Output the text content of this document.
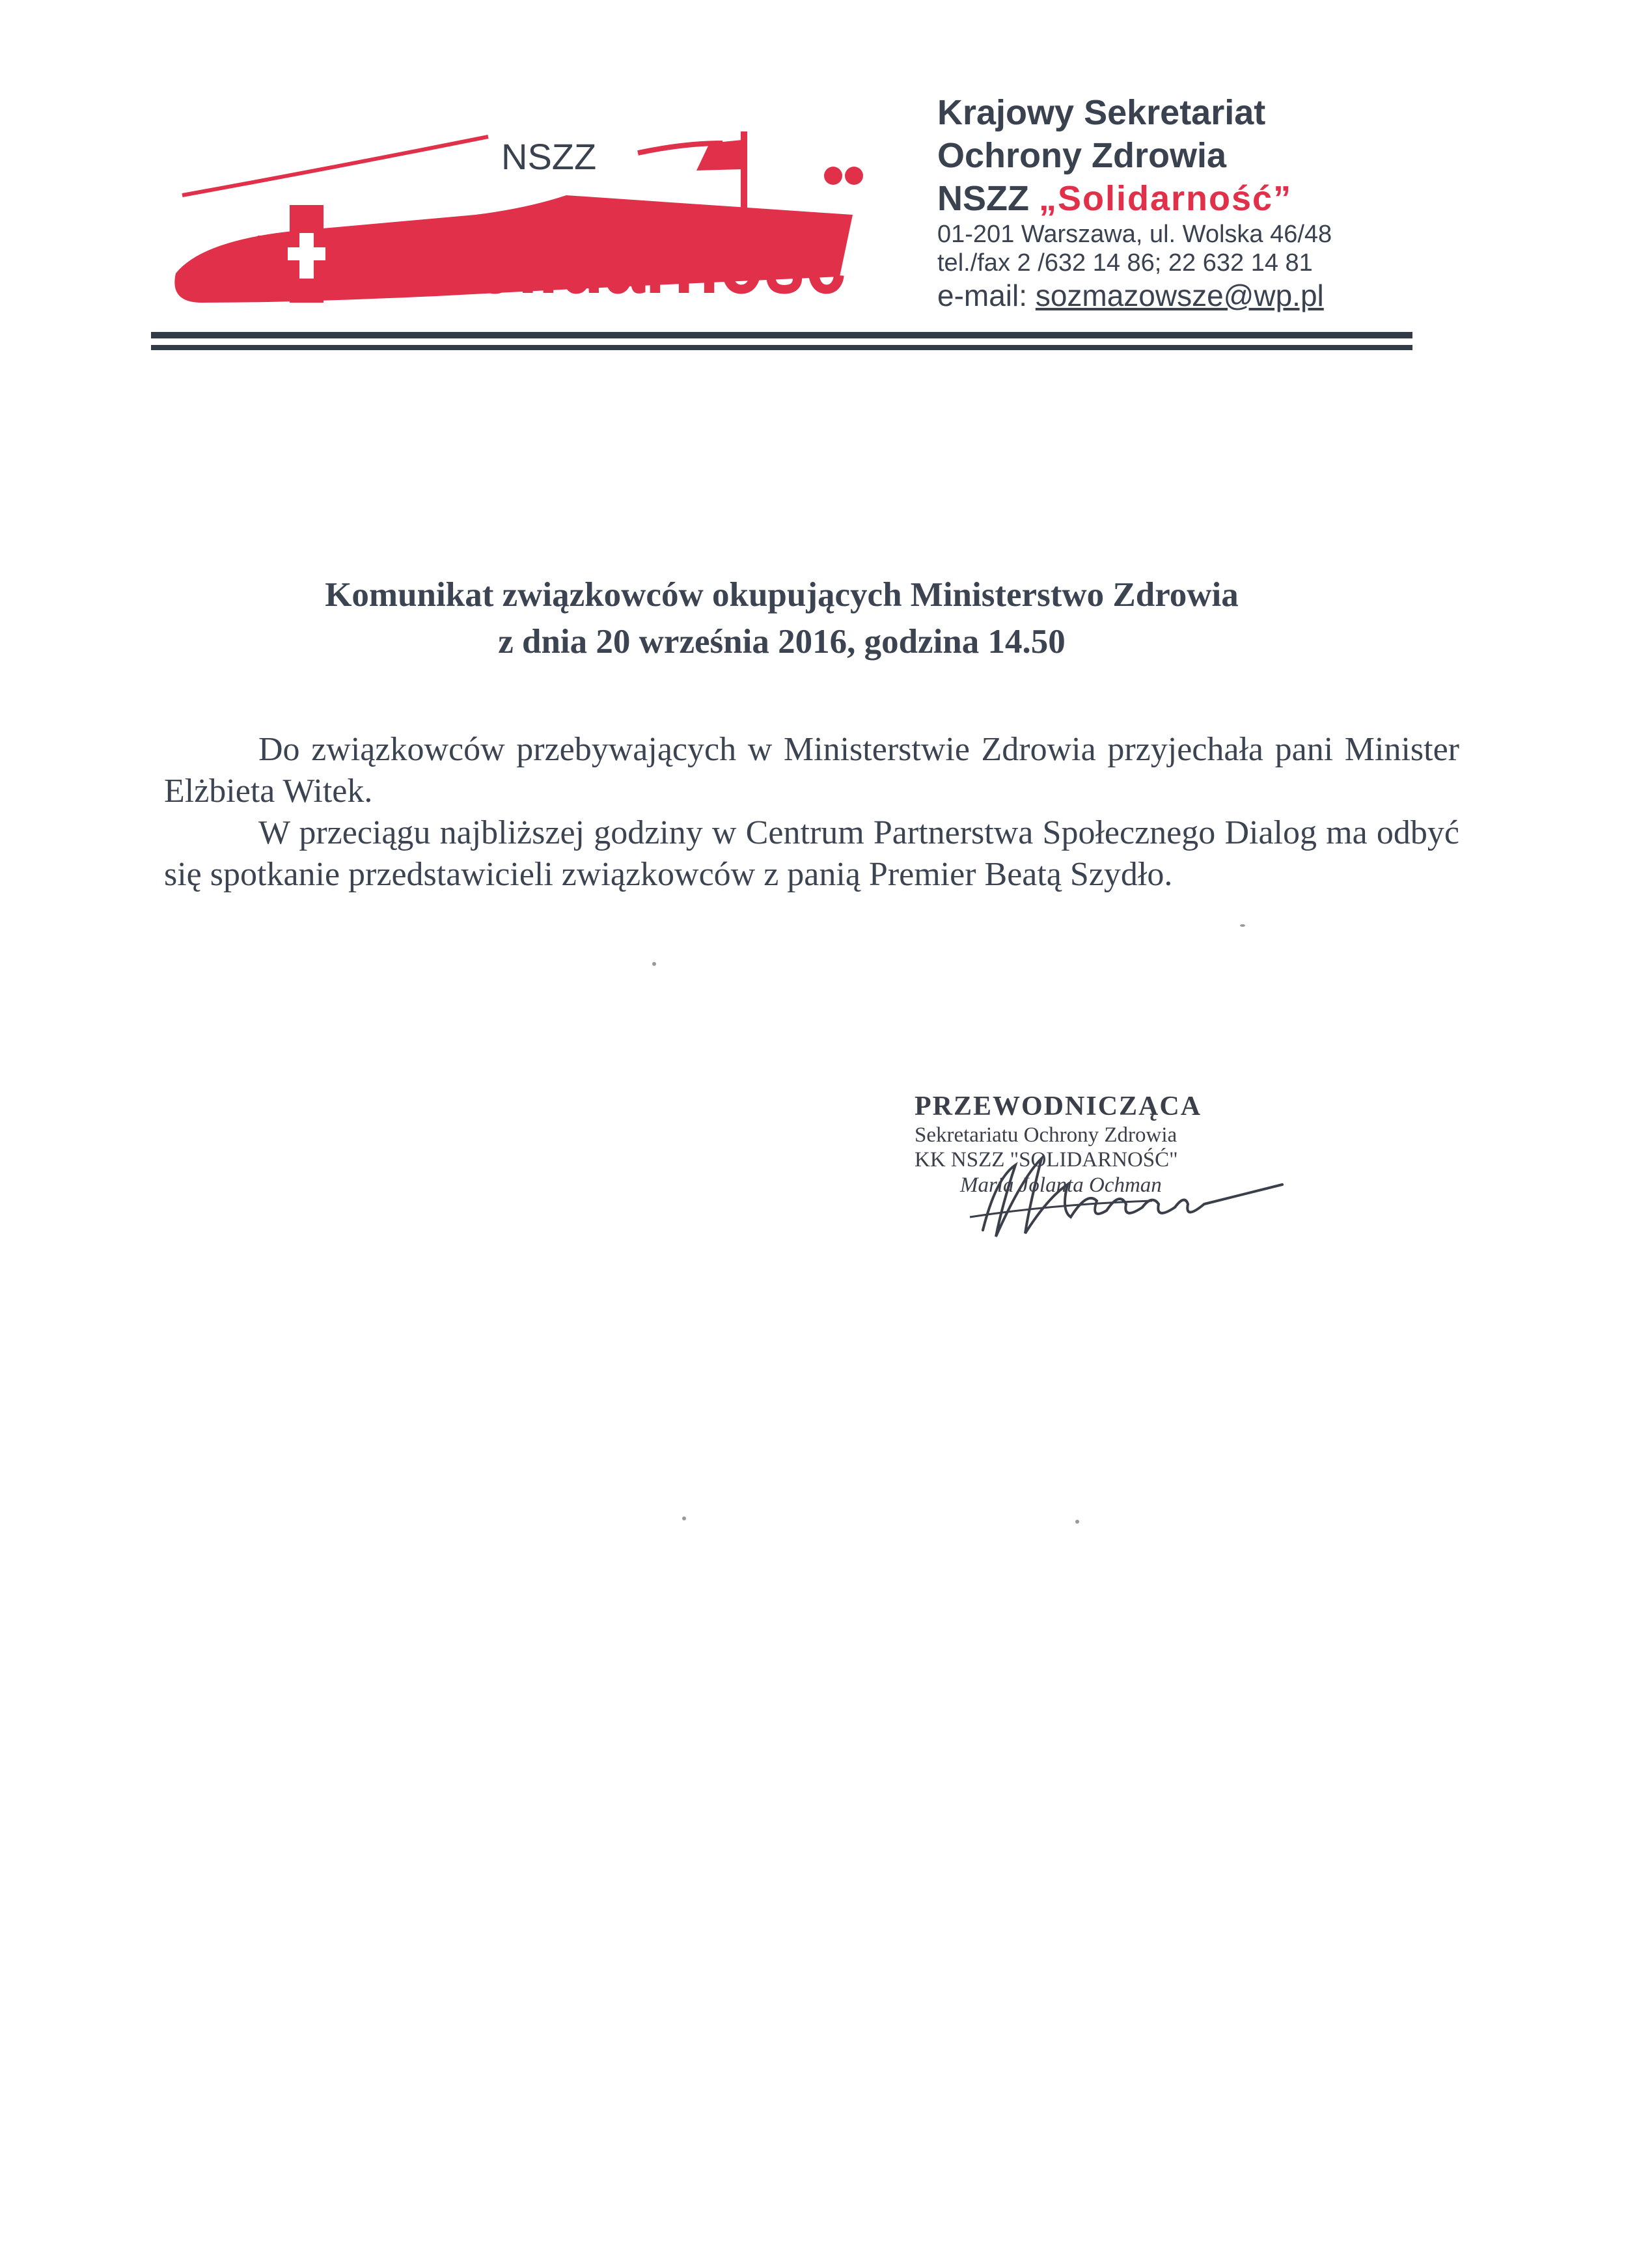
NSZZ
Solidarność
Krajowy Sekretariat
Ochrony Zdrowia
NSZZ „Solidarność”
01-201 Warszawa, ul. Wolska 46/48
tel./fax 2 /632 14 86; 22 632 14 81
e-mail: sozmazowsze@wp.pl
Komunikat związkowców okupujących Ministerstwo Zdrowia
z dnia 20 września 2016, godzina 14.50

Do związkowców przebywających w Ministerstwie Zdrowia przyjechała pani Minister Elżbieta Witek.

W przeciągu najbliższej godziny w Centrum Partnerstwa Społecznego Dialog ma odbyć się spotkanie przedstawicieli związkowców z panią Premier Beatą Szydło.

PRZEWODNICZĄCA
Sekretariatu Ochrony Zdrowia
KK NSZZ "SOLIDARNOŚĆ"
Maria Jolanta Ochman
